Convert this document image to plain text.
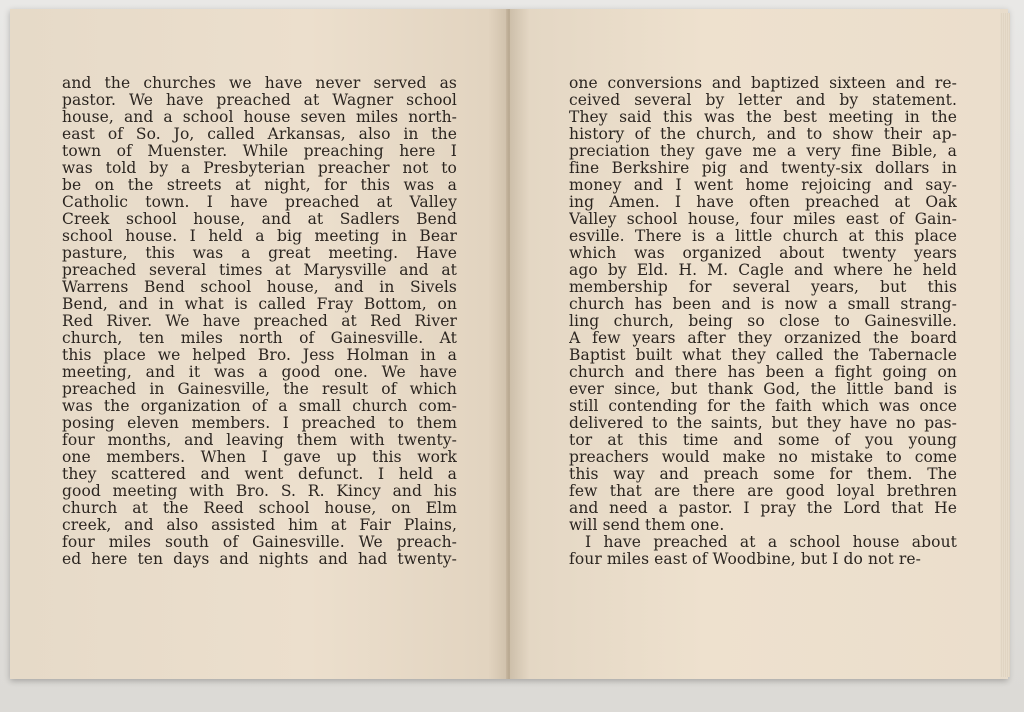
and the churches we have never served as
pastor. We have preached at Wagner school
house, and a school house seven miles north-
east of So. Jo, called Arkansas, also in the
town of Muenster. While preaching here I
was told by a Presbyterian preacher not to
be on the streets at night, for this was a
Catholic town. I have preached at Valley
Creek school house, and at Sadlers Bend
school house. I held a big meeting in Bear
pasture, this was a great meeting. Have
preached several times at Marysville and at
Warrens Bend school house, and in Sivels
Bend, and in what is called Fray Bottom, on
Red River. We have preached at Red River
church, ten miles north of Gainesville. At
this place we helped Bro. Jess Holman in a
meeting, and it was a good one. We have
preached in Gainesville, the result of which
was the organization of a small church com-
posing eleven members. I preached to them
four months, and leaving them with twenty-
one members. When I gave up this work
they scattered and went defunct. I held a
good meeting with Bro. S. R. Kincy and his
church at the Reed school house, on Elm
creek, and also assisted him at Fair Plains,
four miles south of Gainesville. We preach-
ed here ten days and nights and had twenty-
one conversions and baptized sixteen and re-
ceived several by letter and by statement.
They said this was the best meeting in the
history of the church, and to show their ap-
preciation they gave me a very fine Bible, a
fine Berkshire pig and twenty-six dollars in
money and I went home rejoicing and say-
ing Amen. I have often preached at Oak
Valley school house, four miles east of Gain-
esville. There is a little church at this place
which was organized about twenty years
ago by Eld. H. M. Cagle and where he held
membership for several years, but this
church has been and is now a small strang-
ling church, being so close to Gainesville.
A few years after they orzanized the board
Baptist built what they called the Tabernacle
church and there has been a fight going on
ever since, but thank God, the little band is
still contending for the faith which was once
delivered to the saints, but they have no pas-
tor at this time and some of you young
preachers would make no mistake to come
this way and preach some for them. The
few that are there are good loyal brethren
and need a pastor. I pray the Lord that He
will send them one.
I have preached at a school house about
four miles east of Woodbine, but I do not re-
